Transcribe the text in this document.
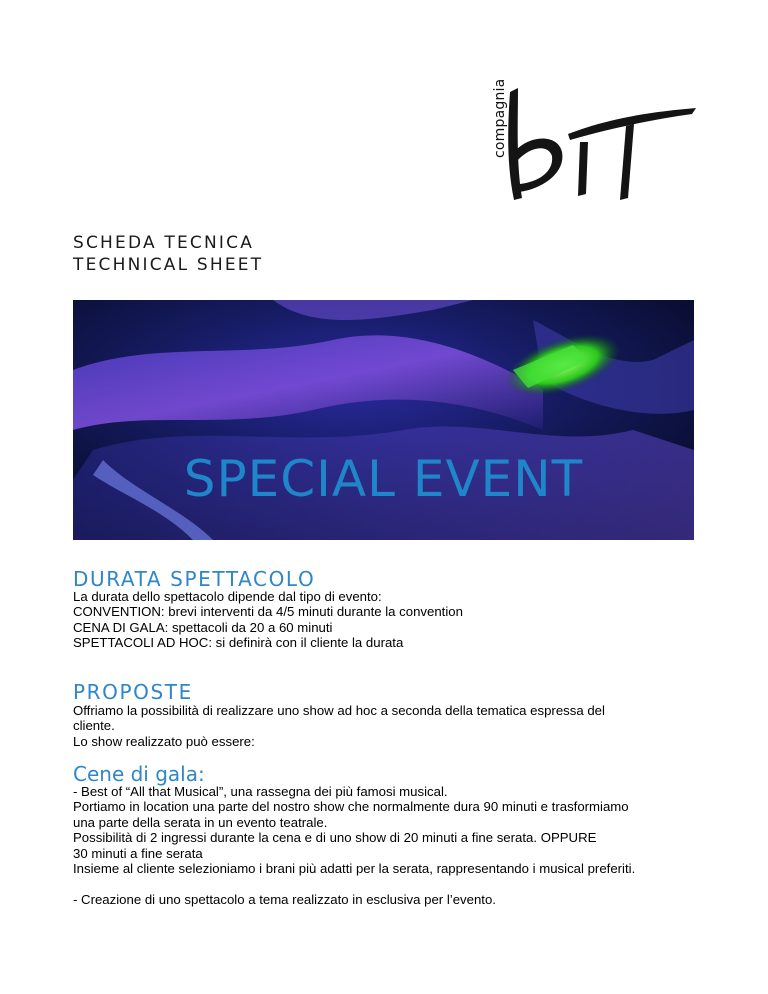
compagnia
SCHEDA TECNICA
TECHNICAL SHEET
SPECIAL EVENT
DURATA SPETTACOLO
La durata dello spettacolo dipende dal tipo di evento:
CONVENTION: brevi interventi da 4/5 minuti durante la convention
CENA DI GALA: spettacoli da 20 a 60 minuti
SPETTACOLI AD HOC: si definirà con il cliente la durata
PROPOSTE
Offriamo la possibilità di realizzare uno show ad hoc a seconda della tematica espressa del
cliente.
Lo show realizzato può essere:
Cene di gala:
- Best of “All that Musical”, una rassegna dei più famosi musical.
Portiamo in location una parte del nostro show che normalmente dura 90 minuti e trasformiamo
una parte della serata in un evento teatrale.
Possibilità di 2 ingressi durante la cena e di uno show di 20 minuti a fine serata. OPPURE
30 minuti a fine serata
Insieme al cliente selezioniamo i brani più adatti per la serata, rappresentando i musical preferiti.
- Creazione di uno spettacolo a tema realizzato in esclusiva per l’evento.
